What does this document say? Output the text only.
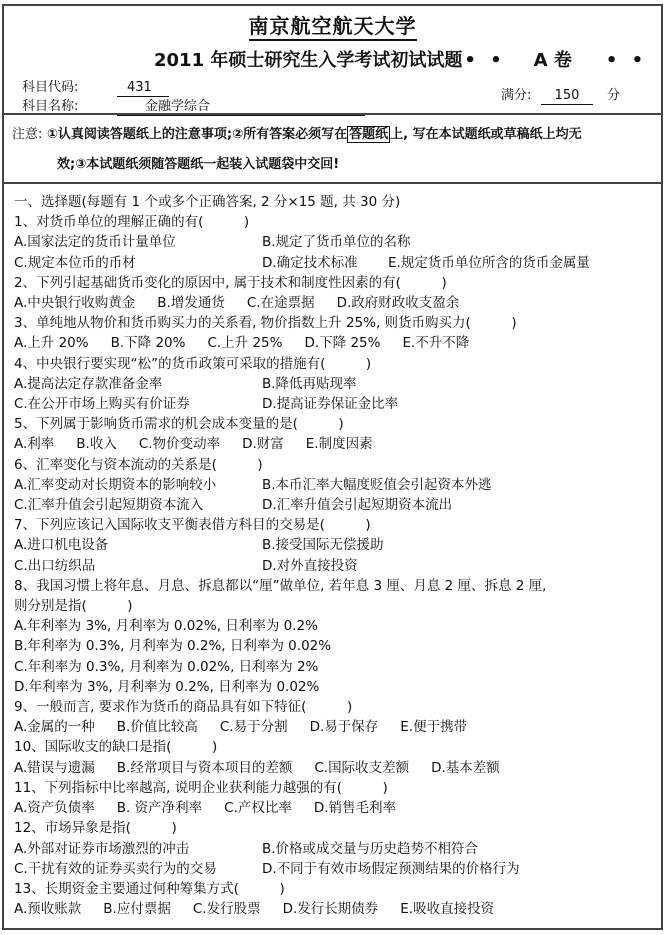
南京航空航天大学
2011 年硕士研究生入学考试初试试题 • • A 卷 • •
科目代码:	431
科目名称:	金融学综合
满分: 150 分
注意: ①认真阅读答题纸上的注意事项;②所有答案必须写在 答题纸 上, 写在本试题纸或草稿纸上均无
效;③本试题纸须随答题纸一起装入试题袋中交回!
一、选择题(每题有 1 个或多个正确答案, 2 分×15 题, 共 30 分)
1、对货币单位的理解正确的有(　　　)
A.国家法定的货币计量单位	B.规定了货币单位的名称
C.规定本位币的币材	D.确定技术标准 E.规定货币单位所含的货币金属量
2、下列引起基础货币变化的原因中, 属于技术和制度性因素的有(　　　)
A.中央银行收购黄金 B.增发通货 C.在途票据 D.政府财政收支盈余
3、单纯地从物价和货币购买力的关系看, 物价指数上升 25%, 则货币购买力(　　　)
A.上升 20% B.下降 20% C.上升 25% D.下降 25% E.不升不降
4、中央银行要实现“松”的货币政策可采取的措施有(　　　)
A.提高法定存款准备金率	B.降低再贴现率
C.在公开市场上购买有价证券	D.提高证券保证金比率
5、下列属于影响货币需求的机会成本变量的是(　　　)
A.利率 B.收入 C.物价变动率 D.财富 E.制度因素
6、汇率变化与资本流动的关系是(　　　)
A.汇率变动对长期资本的影响较小	B.本币汇率大幅度贬值会引起资本外逃
C.汇率升值会引起短期资本流入	D.汇率升值会引起短期资本流出
7、下列应该记入国际收支平衡表借方科目的交易是(　　　)
A.进口机电设备	B.接受国际无偿援助
C.出口纺织品	D.对外直接投资
8、我国习惯上将年息、月息、拆息都以“厘”做单位, 若年息 3 厘、月息 2 厘、拆息 2 厘,
则分别是指(　　　)
A.年利率为 3%, 月利率为 0.02%, 日利率为 0.2%
B.年利率为 0.3%, 月利率为 0.2%, 日利率为 0.02%
C.年利率为 0.3%, 月利率为 0.02%, 日利率为 2%
D.年利率为 3%, 月利率为 0.2%, 日利率为 0.02%
9、一般而言, 要求作为货币的商品具有如下特征(　　　)
A.金属的一种 B.价值比较高 C.易于分割 D.易于保存 E.便于携带
10、国际收支的缺口是指(　　　)
A.错误与遗漏 B.经常项目与资本项目的差额 C.国际收支差额 D.基本差额
11、下列指标中比率越高, 说明企业获利能力越强的有(　　　)
A.资产负债率 B. 资产净利率 C.产权比率 D.销售毛利率
12、市场异象是指(　　　)
A.外部对证券市场激烈的冲击	B.价格或成交量与历史趋势不相符合
C.干扰有效的证券买卖行为的交易	D.不同于有效市场假定预测结果的价格行为
13、长期资金主要通过何种筹集方式(　　　)
A.预收账款 B.应付票据 C.发行股票 D.发行长期债券 E.吸收直接投资
